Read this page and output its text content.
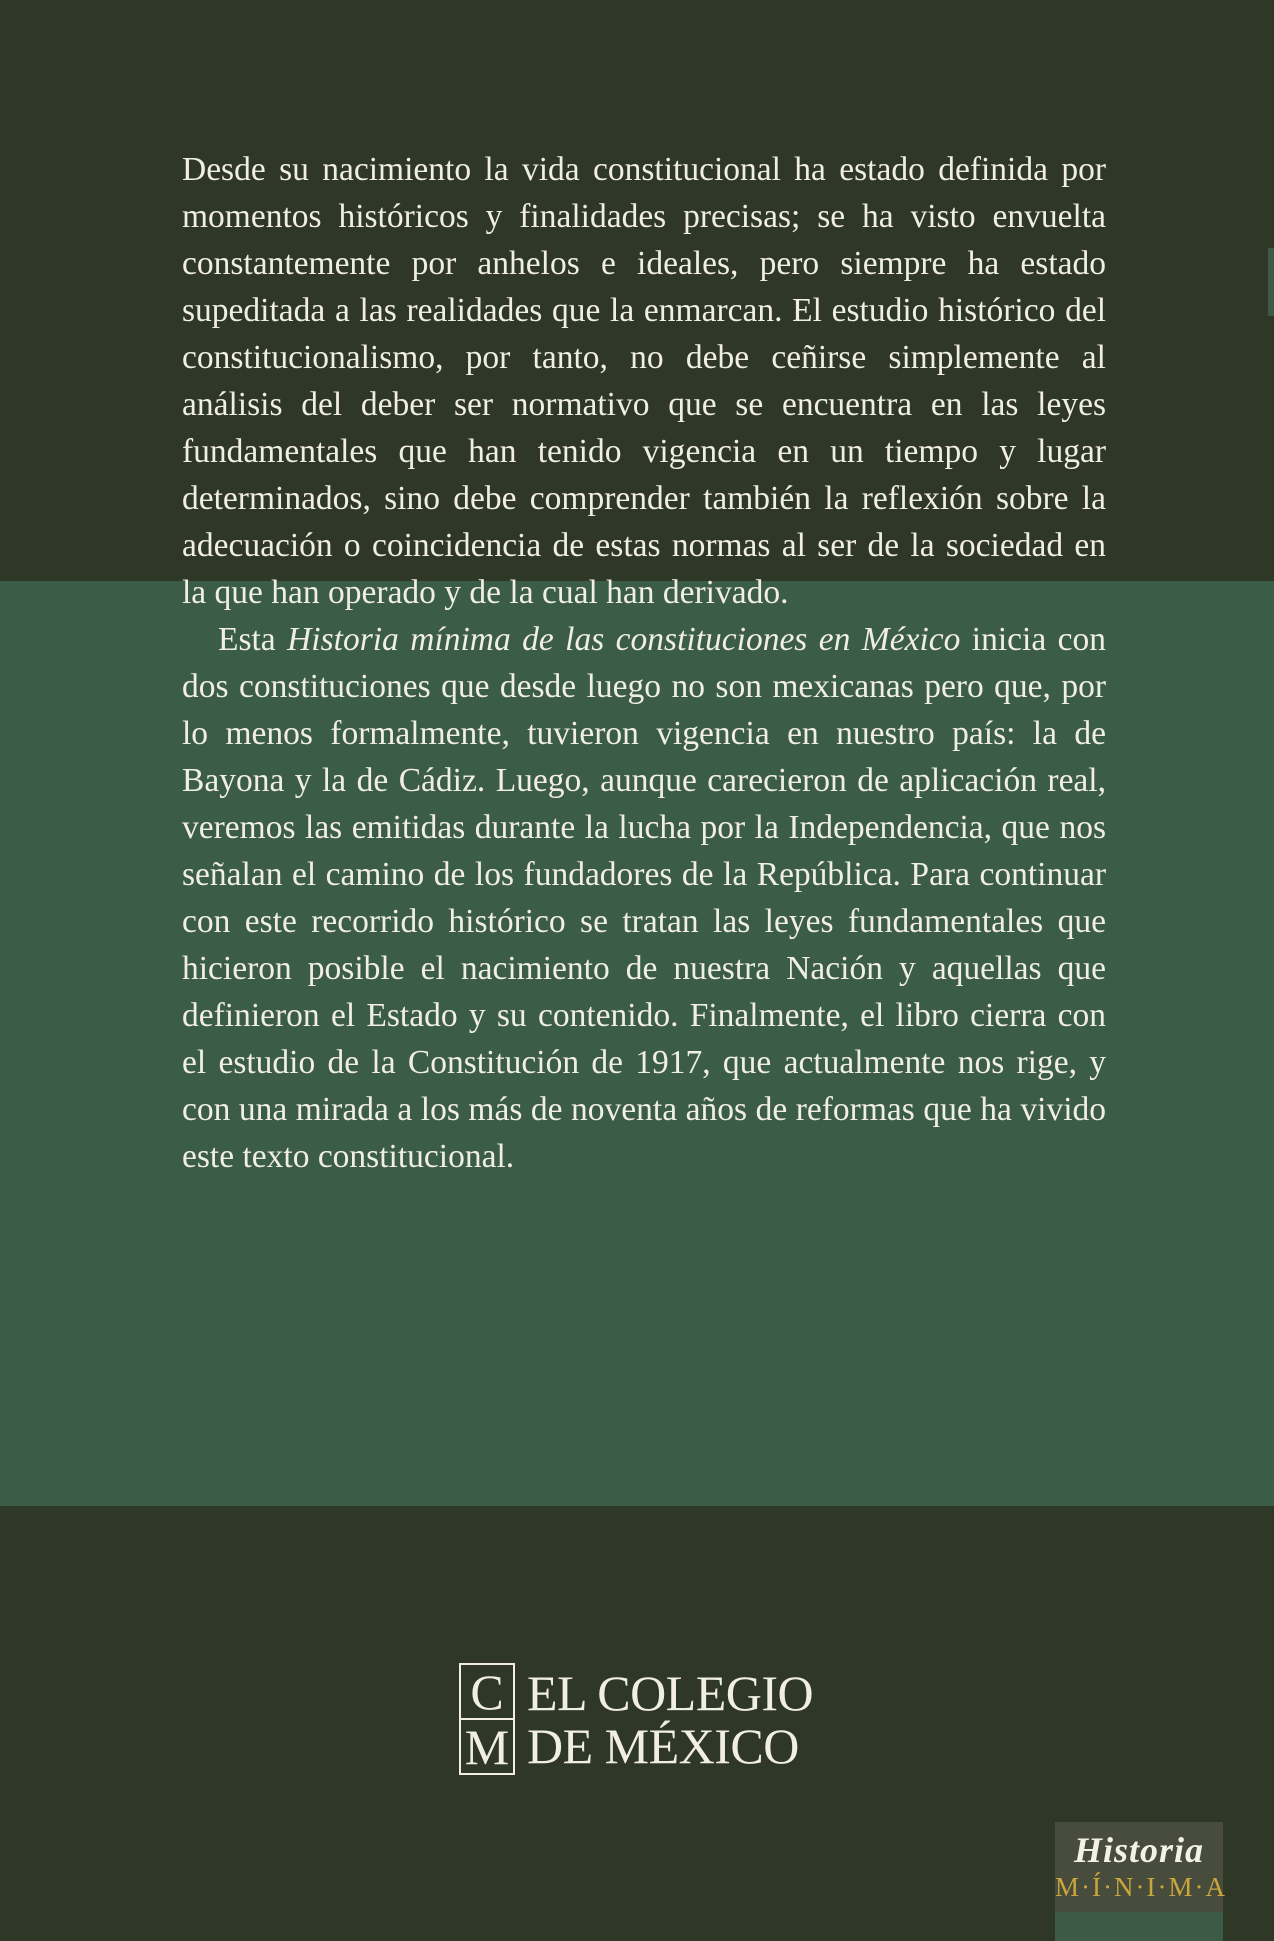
Desde su nacimiento la vida constitucional ha estado definida por momentos históricos y finalidades precisas; se ha visto envuelta constantemente por anhelos e ideales, pero siempre ha estado supeditada a las realidades que la enmarcan. El estudio histórico del constitucionalismo, por tanto, no debe ceñirse simplemente al análisis del deber ser normativo que se encuentra en las leyes fundamentales que han tenido vigencia en un tiempo y lugar determinados, sino debe comprender también la reflexión sobre la adecuación o coincidencia de estas normas al ser de la sociedad en la que han operado y de la cual han derivado.

Esta Historia mínima de las constituciones en México inicia con dos constituciones que desde luego no son mexicanas pero que, por lo menos formalmente, tuvieron vigencia en nuestro país: la de Bayona y la de Cádiz. Luego, aunque carecieron de aplicación real, veremos las emitidas durante la lucha por la Independencia, que nos señalan el camino de los fundadores de la República. Para continuar con este recorrido histórico se tratan las leyes fundamentales que hicieron posible el nacimiento de nuestra Nación y aquellas que definieron el Estado y su contenido. Finalmente, el libro cierra con el estudio de la Constitución de 1917, que actualmente nos rige, y con una mirada a los más de noventa años de reformas que ha vivido este texto constitucional.

C
M
EL COLEGIO
DE MÉXICO
Historia
M·Í·N·I·M·A
